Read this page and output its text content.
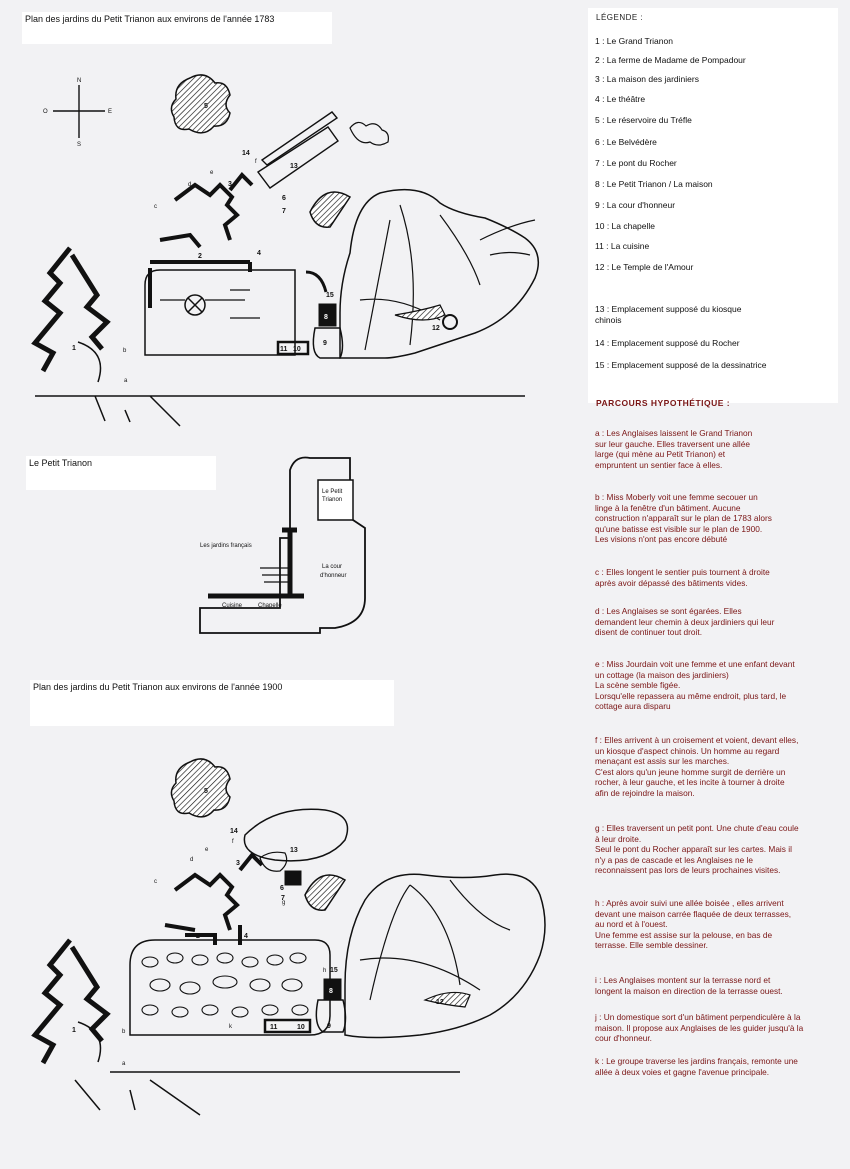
Plan des jardins du Petit Trianon aux environs de l'année 1783
Le Petit Trianon
Plan des jardins du Petit Trianon aux environs de l'année 1900
LÉGENDE :
1 : Le Grand Trianon
2 : La ferme de Madame de Pompadour
3 : La maison des jardiniers
4 : Le théâtre
5 : Le réservoire du Tréfle
6 : Le Belvédère
7 : Le pont du Rocher
8 : Le Petit Trianon / La maison
9 : La cour d'honneur
10 : La chapelle
11 : La cuisine
12 : Le Temple de l'Amour
13 : Emplacement supposé du kiosque chinois
14 : Emplacement supposé du Rocher
15 : Emplacement supposé de la dessinatrice
PARCOURS HYPOTHÉTIQUE :
a : Les Anglaises laissent le Grand Trianon
sur leur gauche. Elles traversent une allée
large (qui mène au Petit Trianon) et
empruntent un sentier face à elles.
b : Miss Moberly voit une femme secouer un
linge à la fenêtre d'un bâtiment. Aucune
construction n'apparaît sur le plan de 1783 alors
qu'une batisse est visible sur le plan de 1900.
Les visions n'ont pas encore débuté
c : Elles longent le sentier puis tournent à droite
après avoir dépassé des bâtiments vides.
d : Les Anglaises se sont égarées. Elles
demandent leur chemin à deux jardiniers qui leur
disent de continuer tout droit.
e : Miss Jourdain voit une femme et une enfant devant
un cottage (la maison des jardiniers)
La scène semble figée.
Lorsqu'elle repassera au même endroit, plus tard, le
cottage aura disparu
f : Elles arrivent à un croisement et voient, devant elles,
un kiosque d'aspect chinois. Un homme au regard
menaçant est assis sur les marches.
C'est alors qu'un jeune homme surgit de derrière un
rocher, à leur gauche, et les incite à tourner à droite
afin de rejoindre la maison.
g : Elles traversent un petit pont. Une chute d'eau coule
à leur droite.
Seul le pont du Rocher apparaît sur les cartes. Mais il
n'y a pas de cascade et les Anglaises ne le
reconnaissent pas lors de leurs prochaines visites.
h : Après avoir suivi une allée boisée , elles arrivent
devant une maison carrée flaquée de deux terrasses,
au nord et à l'ouest.
Une femme est assise sur la pelouse, en bas de
terrasse. Elle semble dessiner.
i : Les Anglaises montent sur la terrasse nord et
longent la maison en direction de la terrasse ouest.
j : Un domestique sort d'un bâtiment perpendiculère à la
maison. Il propose aux Anglaises de les guider jusqu'à la
cour d'honneur.
k : Le groupe traverse les jardins français, remonte une
allée à deux voies et gagne l'avenue principale.
N
S
E
O
5
13
14
1
2
3
4
8
9
11 10
15
6
7
12
a
b
c
d
e
f
Le Petit
Trianon
Les jardins français
La cour
d'honneur
Cuisine	Chapelle
5
13
14
1
2
3
4
8
9
11	10
15
6
7
12
a
b
c
d
e
f
g
h
k
